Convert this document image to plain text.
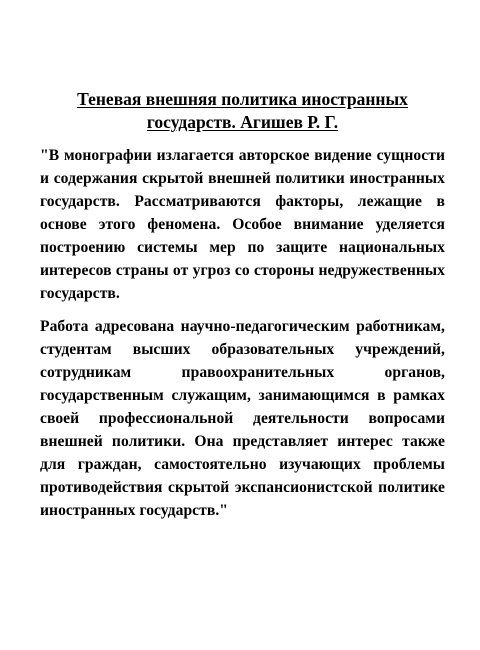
Теневая внешняя политика иностранных государств. Агишев Р. Г.

"В монографии излагается авторское видение сущности и содержания скрытой внешней политики иностранных государств. Рассматриваются факторы, лежащие в основе этого феномена. Особое внимание уделяется построению системы мер по защите национальных интересов страны от угроз со стороны недружественных государств.

Работа адресована научно-педагогическим работникам, студентам высших образовательных учреждений, сотрудникам правоохранительных органов, государственным служащим, занимающимся в рамках своей профессиональной деятельности вопросами внешней политики. Она представляет интерес также для граждан, самостоятельно изучающих проблемы противодействия скрытой экспансионистской политике иностранных государств."
